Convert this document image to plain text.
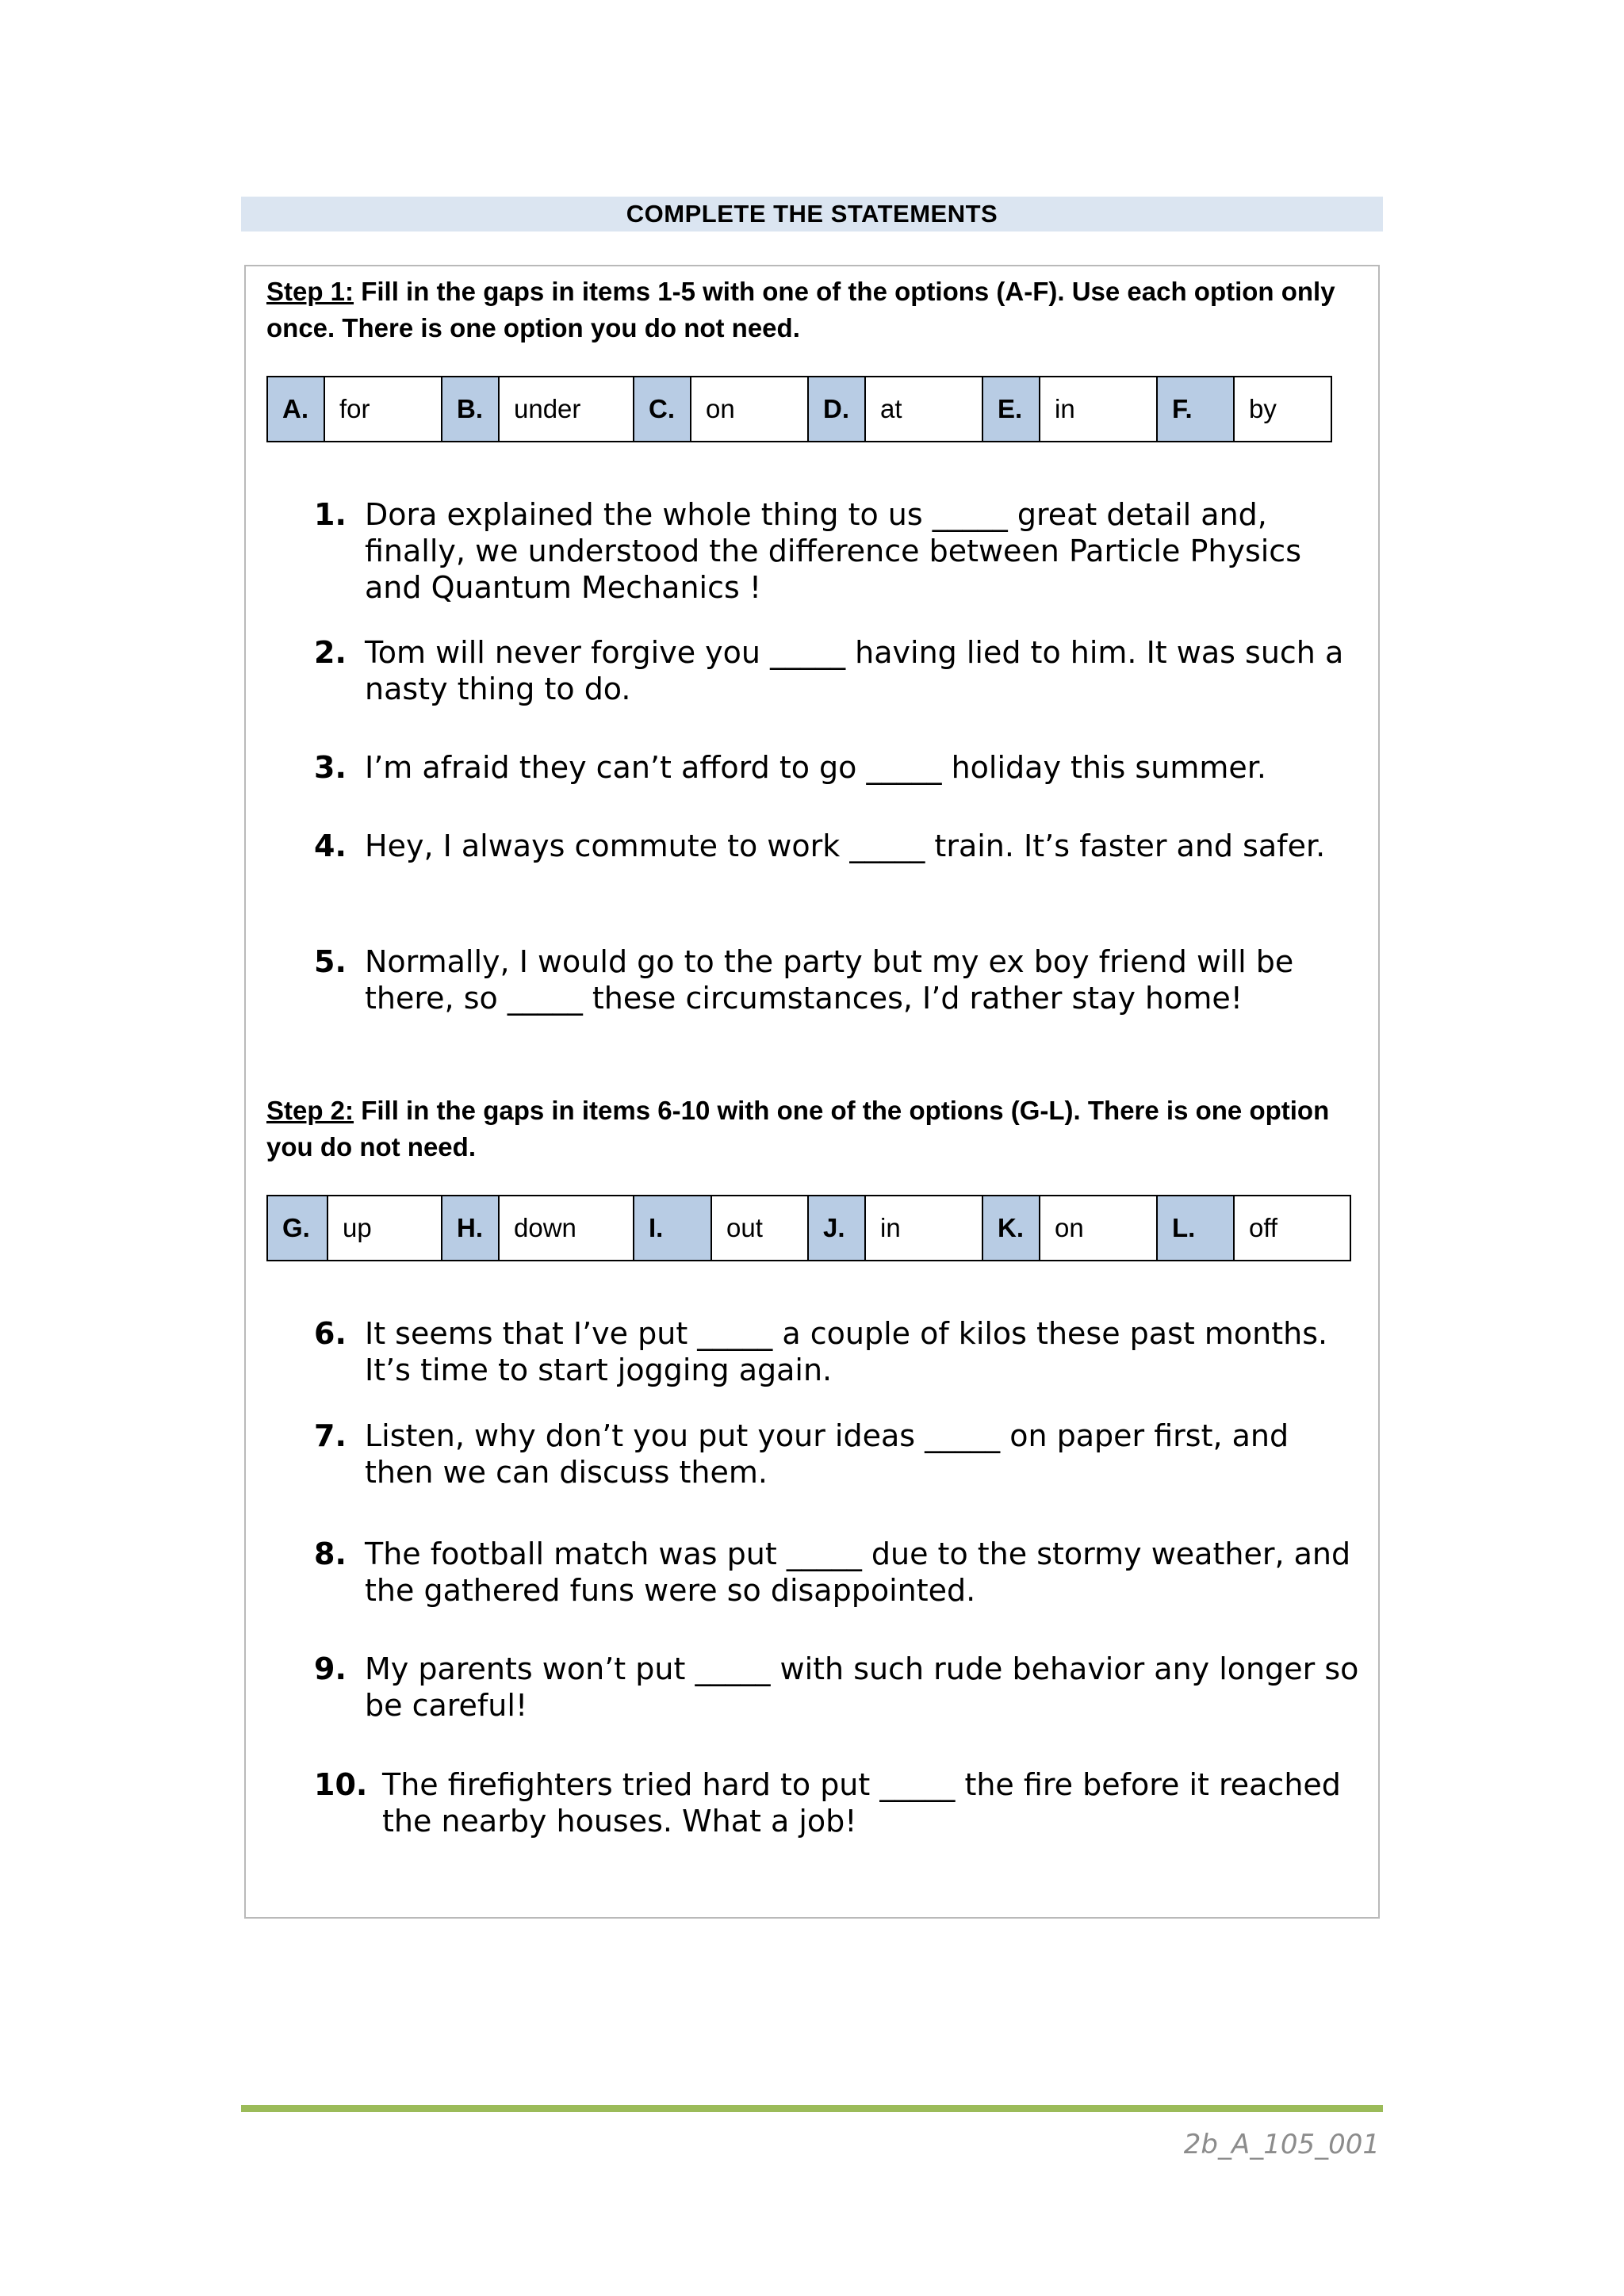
COMPLETE THE STATEMENTS
Step 1: Fill in the gaps in items 1-5 with one of the options (A-F). Use each option only once. There is one option you do not need.
A.	for	B.	under	C.	on	D.	at	E.	in	F.	by
1. Dora explained the whole thing to us _____ great detail and, finally, we understood the difference between Particle Physics and Quantum Mechanics !
2. Tom will never forgive you _____ having lied to him. It was such a nasty thing to do.
3. I’m afraid they can’t afford to go _____ holiday this summer.
4. Hey, I always commute to work _____ train. It’s faster and safer.
5. Normally, I would go to the party but my ex boy friend will be there, so _____ these circumstances, I’d rather stay home!
Step 2: Fill in the gaps in items 6-10 with one of the options (G-L). There is one option you do not need.
G.	up	H.	down	I.	out	J.	in	K.	on	L.	off
6. It seems that I’ve put _____ a couple of kilos these past months. It’s time to start jogging again.
7. Listen, why don’t you put your ideas _____ on paper first, and then we can discuss them.
8. The football match was put _____ due to the stormy weather, and the gathered funs were so disappointed.
9. My parents won’t put _____ with such rude behavior any longer so be careful!
10. The firefighters tried hard to put _____ the fire before it reached the nearby houses. What a job!
2b_A_105_001
